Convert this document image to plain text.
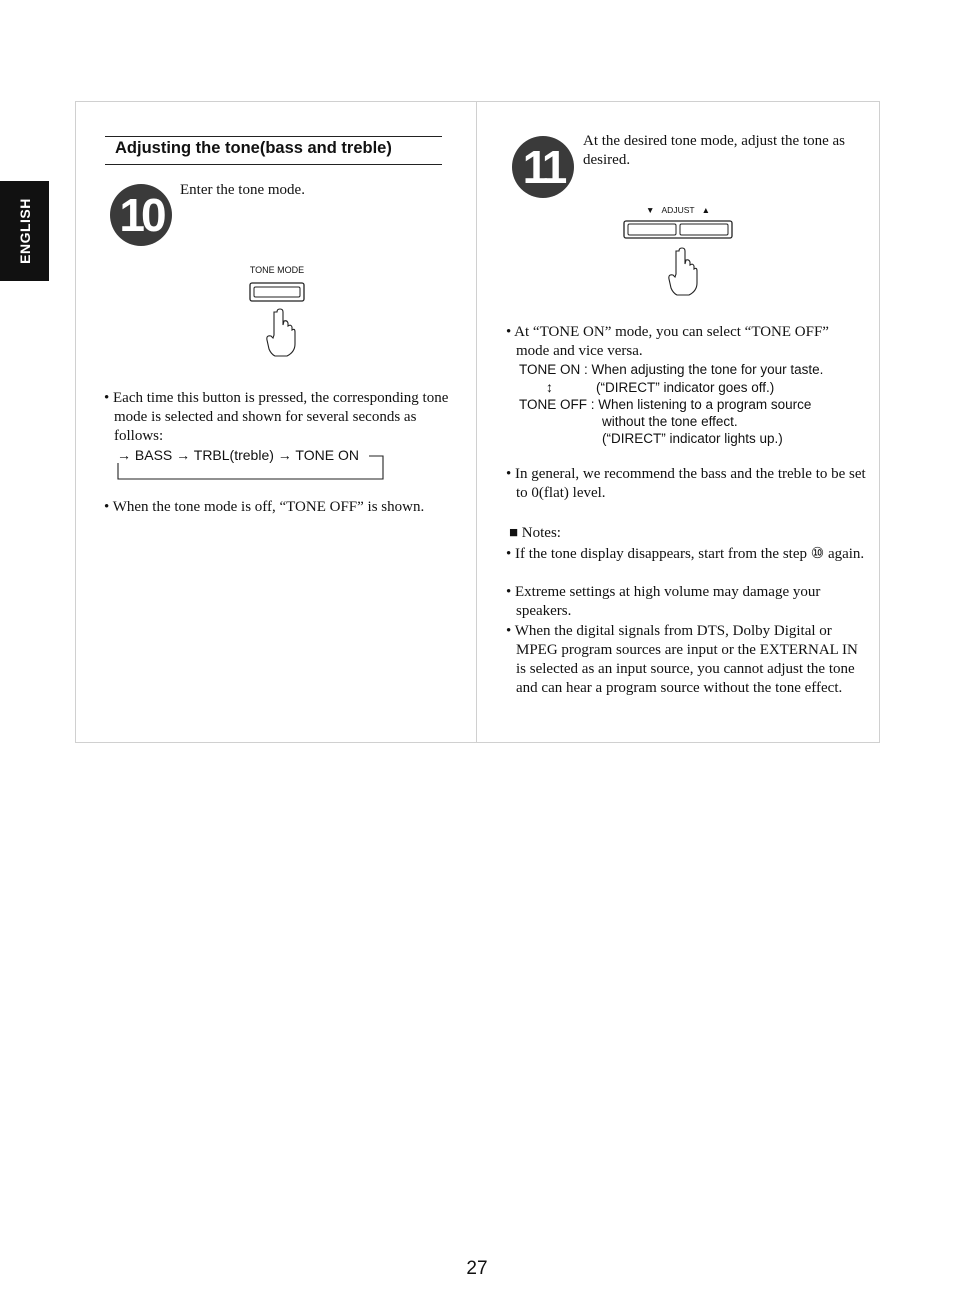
ENGLISH
Adjusting the tone(bass and treble)
10	Enter the tone mode.
TONE MODE
• Each time this button is pressed, the corresponding tone mode is selected and shown for several seconds as follows:
→ BASS → TRBL(treble) → TONE ON
• When the tone mode is off, “TONE OFF” is shown.
11	At the desired tone mode, adjust the tone as desired.
▼ ADJUST ▲
• At “TONE ON” mode, you can select “TONE OFF” mode and vice versa.
TONE ON : When adjusting the tone for your taste.
↕	(“DIRECT” indicator goes off.)
TONE OFF : When listening to a program source
without the tone effect.
(“DIRECT” indicator lights up.)
• In general, we recommend the bass and the treble to be set to 0(flat) level.
■ Notes:
• If the tone display disappears, start from the step ⑩ again.
• Extreme settings at high volume may damage your speakers.
• When the digital signals from DTS, Dolby Digital or MPEG program sources are input or the EXTERNAL IN is selected as an input source, you cannot adjust the tone and can hear a program source without the tone effect.
27
